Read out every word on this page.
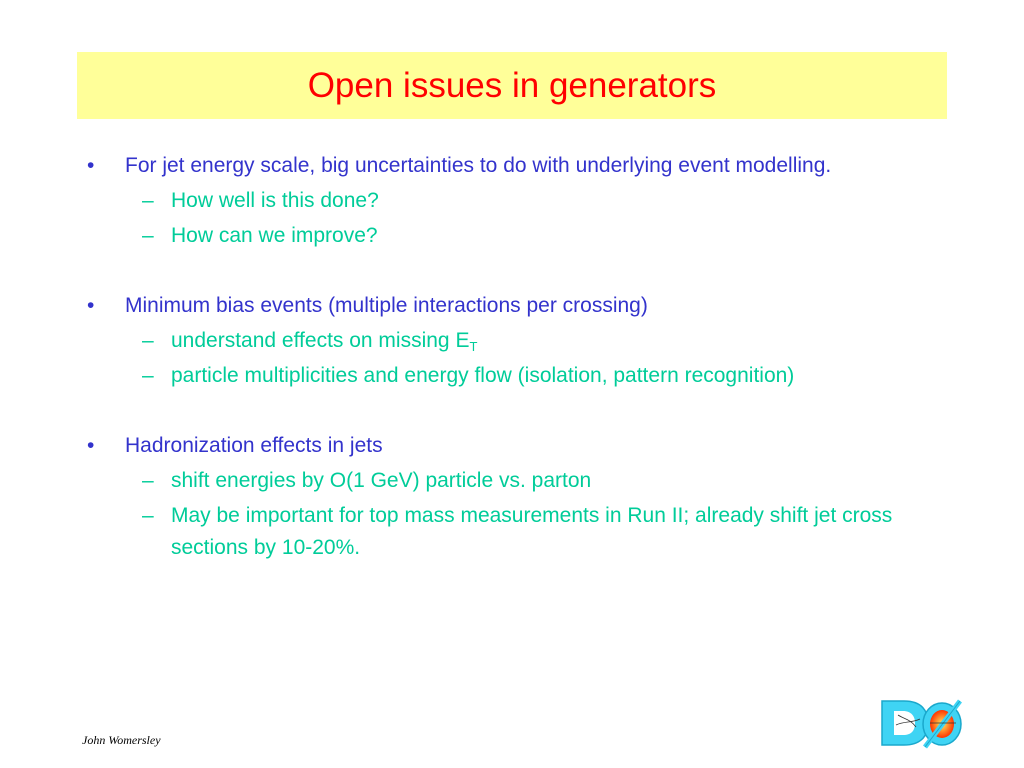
Open issues in generators
• For jet energy scale, big uncertainties to do with underlying event modelling.
– How well is this done?
– How can we improve?
• Minimum bias events (multiple interactions per crossing)
– understand effects on missing $E_T$
– particle multiplicities and energy flow (isolation, pattern recognition)
• Hadronization effects in jets
– shift energies by O(1 GeV) particle vs. parton
– May be important for top mass measurements in Run II; already shift jet cross sections by 10-20%.
John Womersley
